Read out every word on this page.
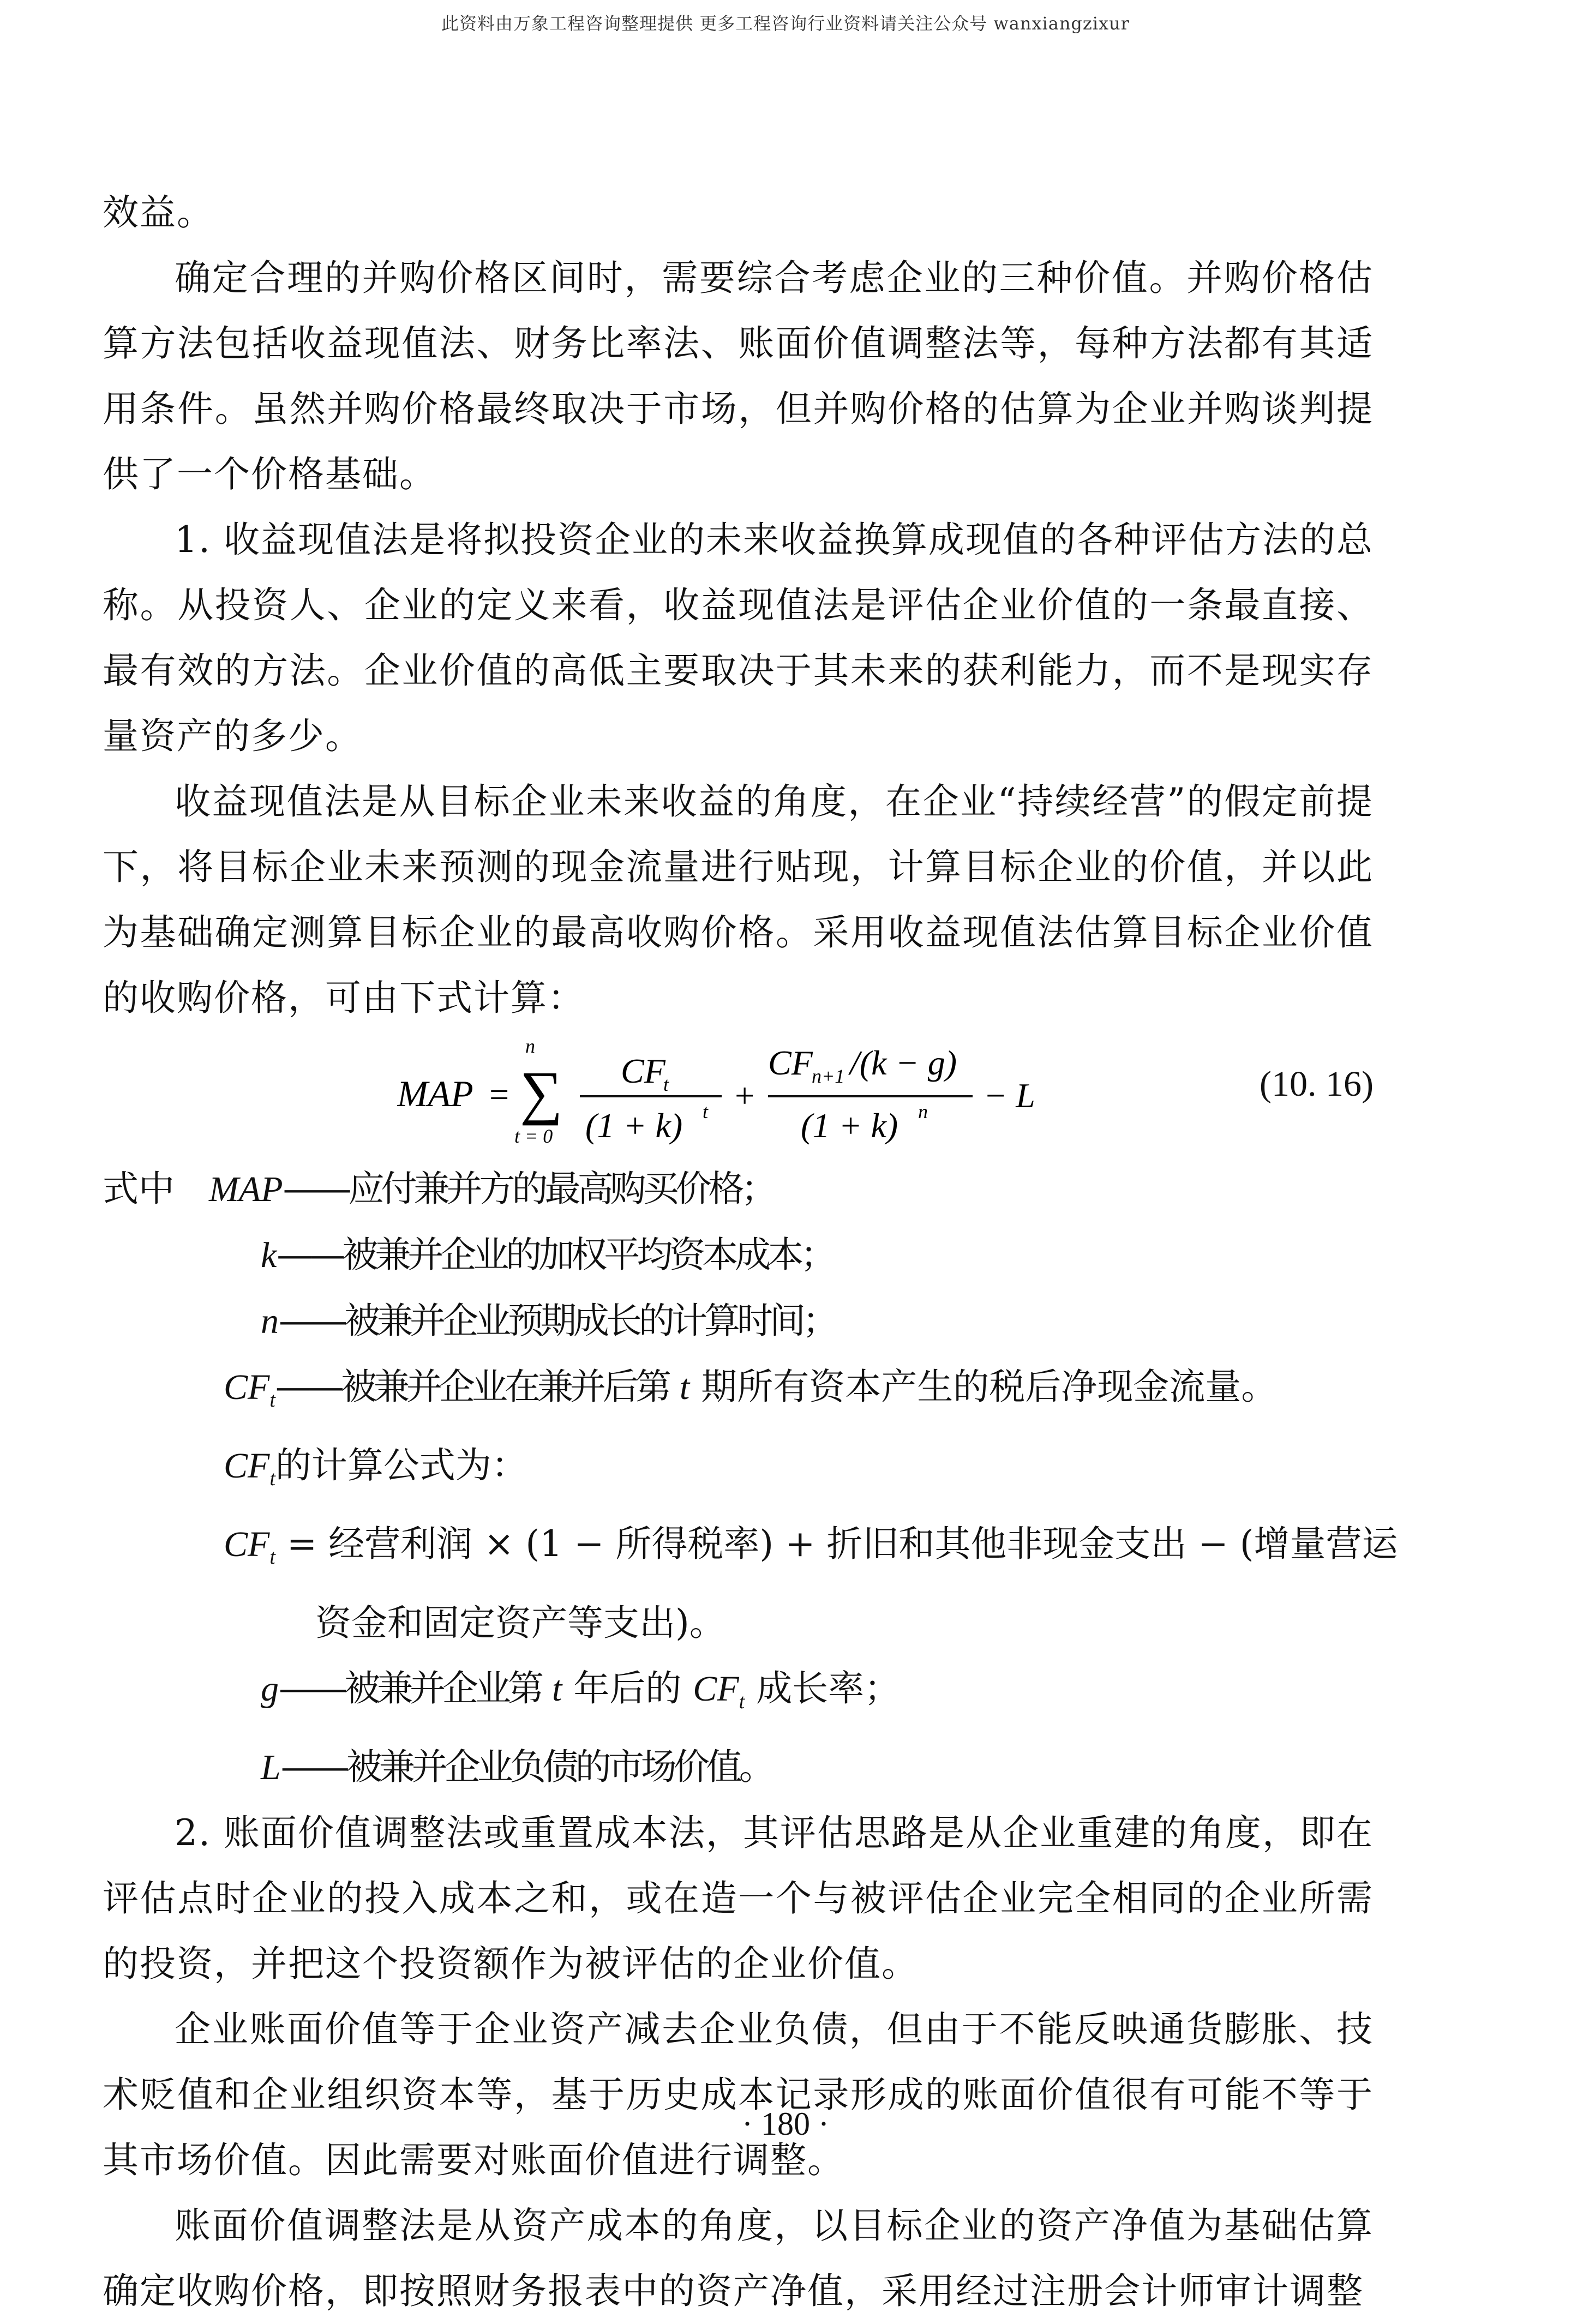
此资料由万象工程咨询整理提供 更多工程咨询行业资料请关注公众号 wanxiangzixur

效益。

确定合理的并购价格区间时，需要综合考虑企业的三种价值。并购价格估算方法包括收益现值法、财务比率法、账面价值调整法等，每种方法都有其适用条件。虽然并购价格最终取决于市场，但并购价格的估算为企业并购谈判提供了一个价格基础。

1. 收益现值法是将拟投资企业的未来收益换算成现值的各种评估方法的总称。从投资人、企业的定义来看，收益现值法是评估企业价值的一条最直接、最有效的方法。企业价值的高低主要取决于其未来的获利能力，而不是现实存量资产的多少。

收益现值法是从目标企业未来收益的角度，在企业“持续经营”的假定前提下，将目标企业未来预测的现金流量进行贴现，计算目标企业的价值，并以此为基础确定测算目标企业的最高收购价格。采用收益现值法估算目标企业价值的收购价格，可由下式计算：

MAP =
n
∑
t = 0
CF
t
(1 + k) t +
CF
n+1 /(k − g)
(1 + k) n − L	(10. 16)

式中 MAP——应付兼并方的最高购买价格；

k——被兼并企业的加权平均资本成本；

n——被兼并企业预期成长的计算时间；

$CF_t——$被兼并企业在兼并后第 t 期所有资本产生的税后净现金流量。

$CF_t$的计算公式为：

$CF_t$ = 经营利润 × (1 − 所得税率) + 折旧和其他非现金支出 − (增量营运

资金和固定资产等支出)。

g——被兼并企业第 t 年后的 $CF_t$ 成长率；

L——被兼并企业负债的市场价值。

2. 账面价值调整法或重置成本法，其评估思路是从企业重建的角度，即在评估点时企业的投入成本之和，或在造一个与被评估企业完全相同的企业所需的投资，并把这个投资额作为被评估的企业价值。

企业账面价值等于企业资产减去企业负债，但由于不能反映通货膨胀、技术贬值和企业组织资本等，基于历史成本记录形成的账面价值很有可能不等于其市场价值。因此需要对账面价值进行调整。

账面价值调整法是从资产成本的角度，以目标企业的资产净值为基础估算确定收购价格，即按照财务报表中的资产净值，采用经过注册会计师审计调整

· 180 ·
